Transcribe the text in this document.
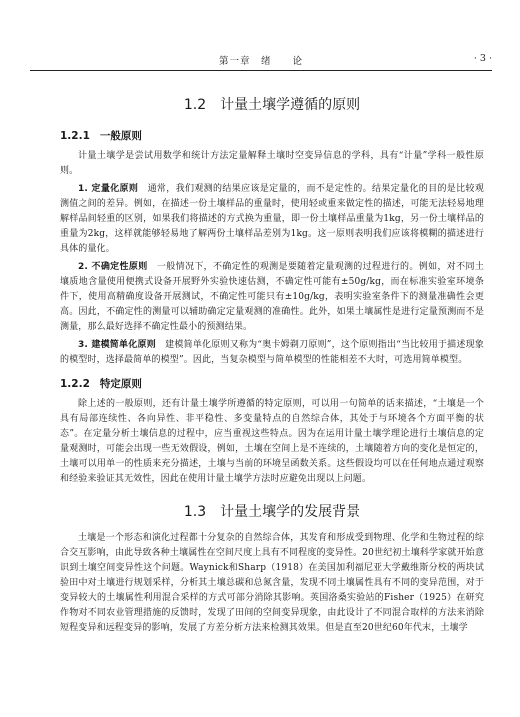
第一章　绪　　论	· 3 ·
1.2　计量土壤学遵循的原则
1.2.1 一般原则

计量土壤学是尝试用数学和统计方法定量解释土壤时空变异信息的学科，具有“计量”学科一般性原则。

1. 定量化原则  通常，我们观测的结果应该是定量的，而不是定性的。结果定量化的目的是比较观测值之间的差异。例如，在描述一份土壤样品的重量时，使用轻或重来做定性的描述，可能无法轻易地理解样品间轻重的区别，如果我们将描述的方式换为重量，即一份土壤样品重量为1kg，另一份土壤样品的重量为2kg，这样就能够轻易地了解两份土壤样品差别为1kg。这一原则表明我们应该将模糊的描述进行具体的量化。

2. 不确定性原则  一般情况下，不确定性的观测是要随着定量观测的过程进行的。例如，对不同土壤质地含量使用便携式设备开展野外实验快速估测，不确定性可能有±50g/kg，而在标准实验室环境条件下，使用高精确度设备开展测试，不确定性可能只有±10g/kg，表明实验室条件下的测量准确性会更高。因此，不确定性的测量可以辅助确定定量观测的准确性。此外，如果土壤属性是进行定量预测而不是测量，那么最好选择不确定性最小的预测结果。

3. 建模简单化原则  建模简单化原则又称为“奥卡姆剃刀原则”，这个原则指出“当比较用于描述现象的模型时，选择最简单的模型”。因此，当复杂模型与简单模型的性能相差不大时，可选用简单模型。

1.2.2 特定原则

除上述的一般原则，还有计量土壤学所遵循的特定原则，可以用一句简单的话来描述，“土壤是一个具有局部连续性、各向异性、非平稳性、多变量特点的自然综合体，其处于与环境各个方面平衡的状态”。在定量分析土壤信息的过程中，应当重视这些特点。因为在运用计量土壤学理论进行土壤信息的定量观测时，可能会出现一些无效假设，例如，土壤在空间上是不连续的，土壤随着方向的变化是恒定的，土壤可以用单一的性质来充分描述，土壤与当前的环境呈函数关系。这些假设均可以在任何地点通过观察和经验来验证其无效性，因此在使用计量土壤学方法时应避免出现以上问题。

1.3　计量土壤学的发展背景

土壤是一个形态和演化过程都十分复杂的自然综合体，其发育和形成受到物理、化学和生物过程的综合交互影响，由此导致各种土壤属性在空间尺度上具有不同程度的变异性。20世纪初土壤科学家就开始意识到土壤空间变异性这个问题。Waynick和Sharp（1918）在美国加利福尼亚大学戴维斯分校的两块试验田中对土壤进行规划采样，分析其土壤总碳和总氮含量，发现不同土壤属性具有不同的变异范围，对于变异较大的土壤属性利用混合采样的方式可部分消除其影响。英国洛桑实验站的Fisher（1925）在研究作物对不同农业管理措施的反馈时，发现了田间的空间变异现象，由此设计了不同混合取样的方法来消除短程变异和远程变异的影响，发展了方差分析方法来检测其效果。但是直至20世纪60年代末，土壤学
